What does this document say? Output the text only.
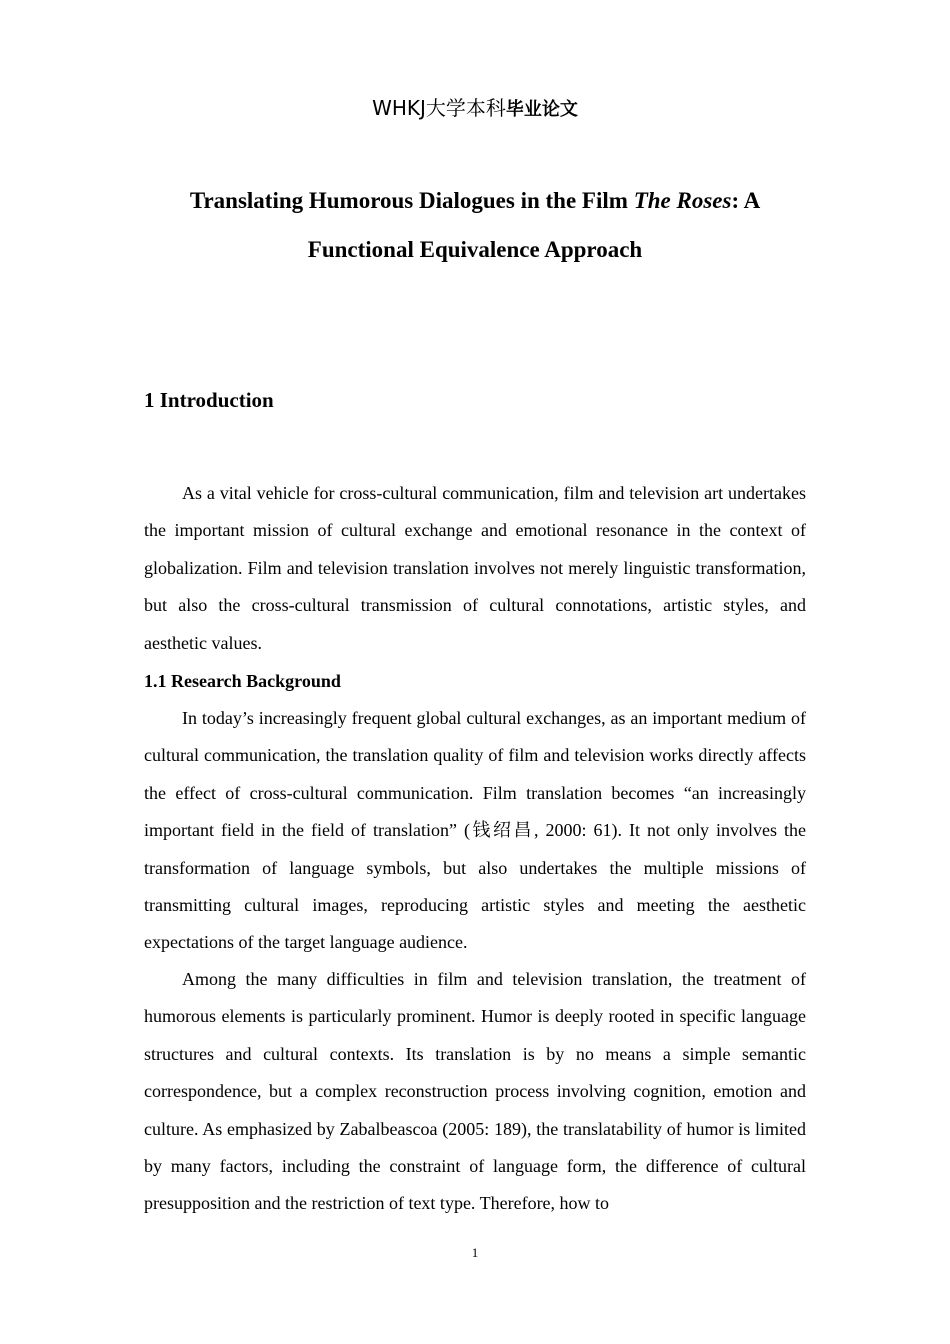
WHKJ大学本科毕业论文
Translating Humorous Dialogues in the Film The Roses: A
Functional Equivalence Approach
1 Introduction

As a vital vehicle for cross-cultural communication, film and television art undertakes the important mission of cultural exchange and emotional resonance in the context of globalization. Film and television translation involves not merely linguistic transformation, but also the cross-cultural transmission of cultural connotations, artistic styles, and aesthetic values.

1.1 Research Background

In today’s increasingly frequent global cultural exchanges, as an important medium of cultural communication, the translation quality of film and television works directly affects the effect of cross-cultural communication. Film translation becomes “an increasingly important field in the field of translation” (钱绍昌, 2000: 61). It not only involves the transformation of language symbols, but also undertakes the multiple missions of transmitting cultural images, reproducing artistic styles and meeting the aesthetic expectations of the target language audience.

Among the many difficulties in film and television translation, the treatment of humorous elements is particularly prominent. Humor is deeply rooted in specific language structures and cultural contexts. Its translation is by no means a simple semantic correspondence, but a complex reconstruction process involving cognition, emotion and culture. As emphasized by Zabalbeascoa (2005: 189), the translatability of humor is limited by many factors, including the constraint of language form, the difference of cultural presupposition and the restriction of text type. Therefore, how to

1
